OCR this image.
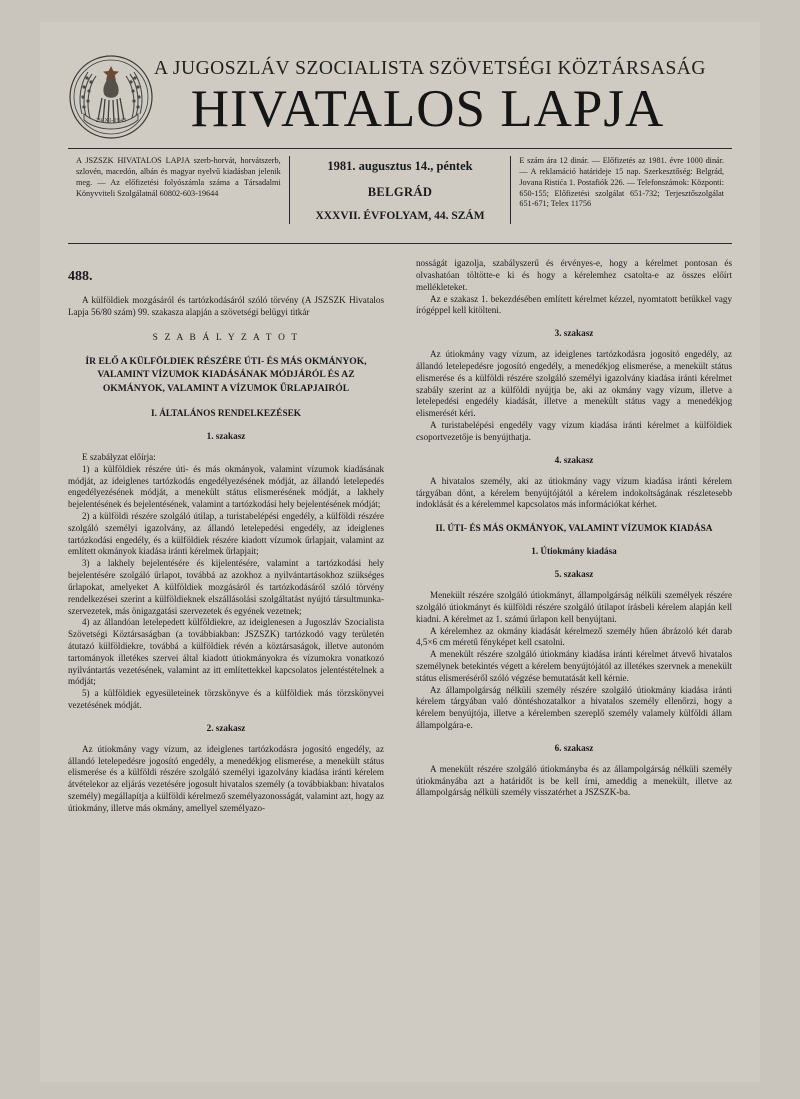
29-XI-1943
A JUGOSZLÁV SZOCIALISTA SZÖVETSÉGI KÖZTÁRSASÁG
HIVATALOS LAPJA
A JSZSZK HIVATALOS LAPJA szerb-horvát, horvátszerb, szlovén, macedón, albán és magyar nyelvű kiadásban jelenik meg. — Az előfizetési folyószámla száma a Társadalmi Könyvviteli Szolgálatnál 60802-603-19644
1981. augusztus 14., péntek
BELGRÁD
XXXVII. ÉVFOLYAM, 44. SZÁM
E szám ára 12 dinár. — Előfizetés az 1981. évre 1000 dinár. — A reklamáció határideje 15 nap. Szerkesztőség: Belgrád, Jovana Ristića 1. Postafiók 226. — Telefonszámok: Központi: 650-155; Előfizetési szolgálat 651-732; Terjesztőszolgálat 651-671; Telex 11756
488.

A külföldiek mozgásáról és tartózkodásáról szóló törvény (A JSZSZK Hivatalos Lapja 56/80 szám) 99. szakasza alapján a szövetségi belügyi titkár

S Z A B Á L Y Z A T O T
ÍR ELŐ A KÜLFÖLDIEK RÉSZÉRE ÚTI- ÉS MÁS OKMÁNYOK, VALAMINT VÍZUMOK KIADÁSÁNAK MÓDJÁRÓL ÉS AZ OKMÁNYOK, VALAMINT A VÍZUMOK ŰRLAPJAIRÓL
I. ÁLTALÁNOS RENDELKEZÉSEK
1. szakasz

E szabályzat előírja:

1) a külföldiek részére úti- és más okmányok, valamint vízumok kiadásának módját, az ideiglenes tartózkodás engedélyezésének módját, az állandó letelepedés engedélyezésének módját, a menekült státus elismerésének módját, a lakhely bejelentésének és bejelentésének, valamint a tartózkodási hely bejelentésének módját;

2) a külföldi részére szolgáló útilap, a turistabelépési engedély, a külföldi részére szolgáló személyi igazolvány, az állandó letelepedési engedély, az ideiglenes tartózkodási engedély, és a külföldiek részére kiadott vízumok űrlapjait, valamint az említett okmányok kiadása iránti kérelmek űrlapjait;

3) a lakhely bejelentésére és kijelentésére, valamint a tartózkodási hely bejelentésére szolgáló űrlapot, továbbá az azokhoz a nyilvántartásokhoz szükséges űrlapokat, amelyeket A külföldiek mozgásáról és tartózkodásáról szóló törvény rendelkezései szerint a külföldieknek elszállásolási szolgáltatást nyújtó társultmunka-szervezetek, más önigazgatási szervezetek és egyének vezetnek;

4) az állandóan letelepedett külföldiekre, az ideiglenesen a Jugoszláv Szocialista Szövetségi Köztársaságban (a továbbiakban: JSZSZK) tartózkodó vagy területén átutazó külföldiekre, továbbá a külföldiek révén a köztársaságok, illetve autonóm tartományok illetékes szervei által kiadott útiokmányokra és vízumokra vonatkozó nyilvántartás vezetésének, valamint az itt említettekkel kapcsolatos jelentéstételnek a módját;

5) a külföldiek egyesületeinek törzskönyve és a külföldiek más törzskönyvei vezetésének módját.

2. szakasz

Az útiokmány vagy vízum, az ideiglenes tartózkodásra jogosító engedély, az állandó letelepedésre jogosító engedély, a menedékjog elismerése, a menekült státus elismerése és a külföldi részére szolgáló személyi igazolvány kiadása iránti kérelem átvételekor az eljárás vezetésére jogosult hivatalos személy (a továbbiakban: hivatalos személy) megállapítja a külföldi kérelmező személyazonosságát, valamint azt, hogy az útiokmány, illetve más okmány, amellyel személyazo-

nosságát igazolja, szabályszerű és érvényes-e, hogy a kérelmet pontosan és olvashatóan töltötte-e ki és hogy a kérelemhez csatolta-e az összes előírt mellékleteket.

Az e szakasz 1. bekezdésében említett kérelmet kézzel, nyomtatott betűkkel vagy írógéppel kell kitölteni.

3. szakasz

Az útiokmány vagy vízum, az ideiglenes tartózkodásra jogosító engedély, az állandó letelepedésre jogosító engedély, a menedékjog elismerése, a menekült státus elismerése és a külföldi részére szolgáló személyi igazolvány kiadása iránti kérelmet szabály szerint az a külföldi nyújtja be, aki az okmány vagy vízum, illetve a letelepedési engedély kiadását, illetve a menekült státus vagy a menedékjog elismerését kéri.

A turistabelépési engedély vagy vízum kiadása iránti kérelmet a külföldiek csoportvezetője is benyújthatja.

4. szakasz

A hivatalos személy, aki az útiokmány vagy vízum kiadása iránti kérelem tárgyában dönt, a kérelem benyújtójától a kérelem indokoltságának részletesebb indoklását és a kérelemmel kapcsolatos más információkat kérhet.

II. ÚTI- ÉS MÁS OKMÁNYOK, VALAMINT VÍZUMOK KIADÁSA
1. Útiokmány kiadása
5. szakasz

Menekült részére szolgáló útiokmányt, állampolgárság nélküli személyek részére szolgáló útiokmányt és külföldi részére szolgáló útilapot írásbeli kérelem alapján kell kiadni. A kérelmet az 1. számú űrlapon kell benyújtani.

A kérelemhez az okmány kiadását kérelmező személy hűen ábrázoló két darab 4,5×6 cm méretű fényképet kell csatolni.

A menekült részére szolgáló útiokmány kiadása iránti kérelmet átvevő hivatalos személynek betekintés végett a kérelem benyújtójától az illetékes szervnek a menekült státus elismeréséről szóló végzése bemutatását kell kérnie.

Az állampolgárság nélküli személy részére szolgáló útiokmány kiadása iránti kérelem tárgyában való döntéshozatalkor a hivatalos személy ellenőrzi, hogy a kérelem benyújtója, illetve a kérelemben szereplő személy valamely külföldi állam állampolgára-e.

6. szakasz

A menekült részére szolgáló útiokmányba és az állampolgárság nélküli személy útiokmányába azt a határidőt is be kell írni, ameddig a menekült, illetve az állampolgárság nélküli személy visszatérhet a JSZSZK-ba.
